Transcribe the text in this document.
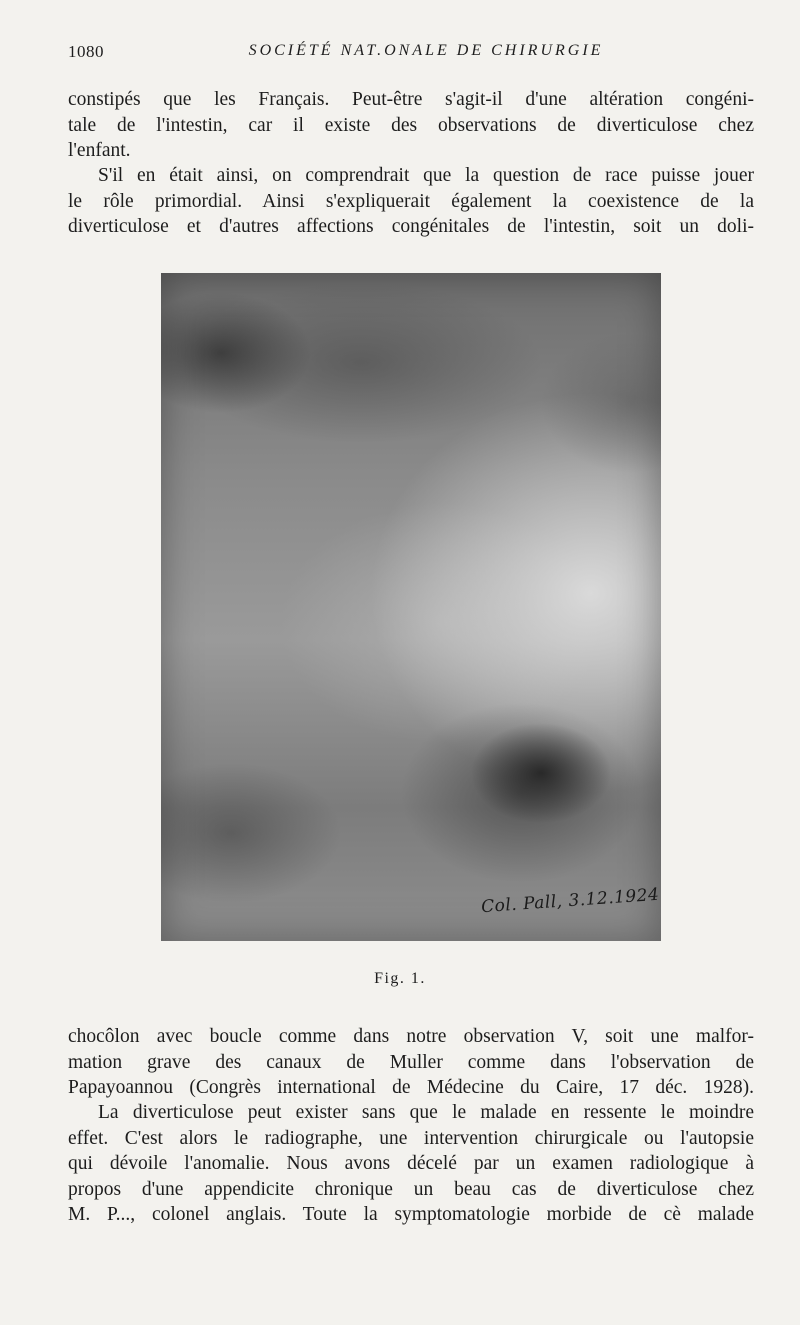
1080	SOCIÉTÉ NAT.ONALE DE CHIRURGIE

constipés que les Français. Peut-être s'agit-il d'une altération congéni-
tale de l'intestin, car il existe des observations de diverticulose chez
l'enfant.

S'il en était ainsi, on comprendrait que la question de race puisse jouer
le rôle primordial. Ainsi s'expliquerait également la coexistence de la
diverticulose et d'autres affections congénitales de l'intestin, soit un doli-

Col. Pall, 3.12.1924
Fig. 1.

chocôlon avec boucle comme dans notre observation V, soit une malfor-
mation grave des canaux de Muller comme dans l'observation de
Papayoannou (Congrès international de Médecine du Caire, 17 déc. 1928).

La diverticulose peut exister sans que le malade en ressente le moindre
effet. C'est alors le radiographe, une intervention chirurgicale ou l'autopsie
qui dévoile l'anomalie. Nous avons décelé par un examen radiologique à
propos d'une appendicite chronique un beau cas de diverticulose chez
M. P..., colonel anglais. Toute la symptomatologie morbide de cè malade
